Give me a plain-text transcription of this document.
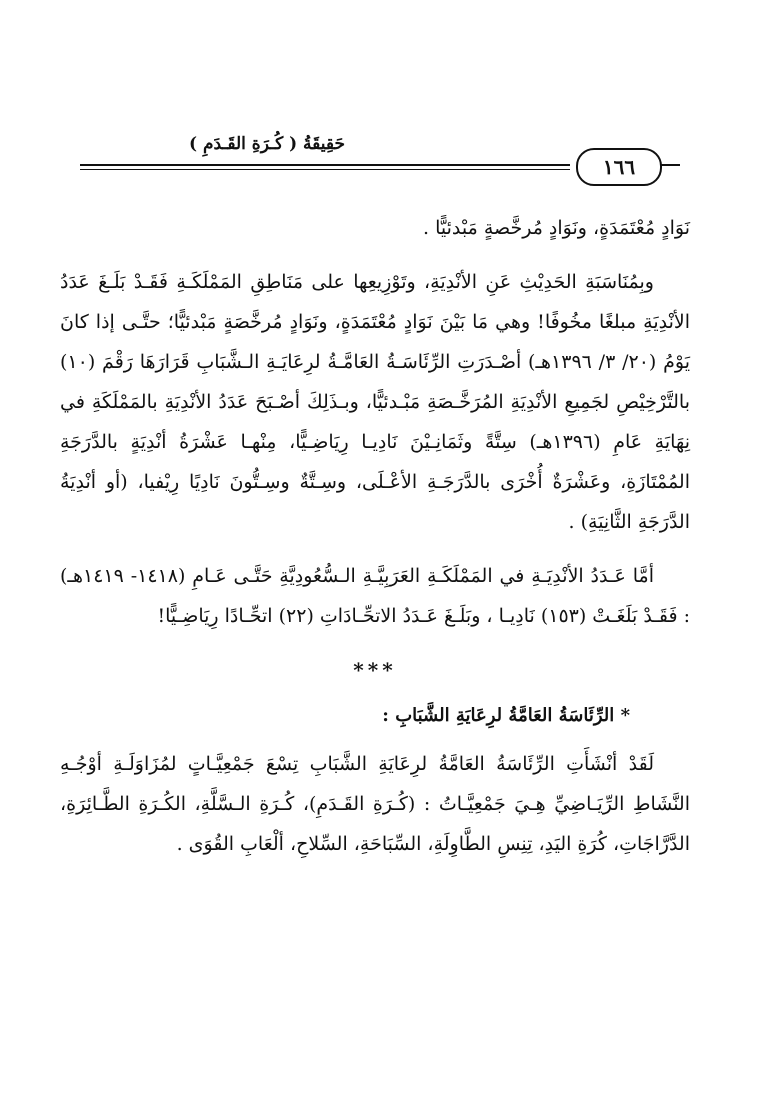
حَقِيقَةُ ( كُـرَةِ القَـدَمِ )
١٦٦

نَوَادٍ مُعْتَمَدَةٍ، ونَوَادٍ مُرخَّصةٍ مَبْدئيًّا .

وبِمُنَاسَبَةِ الحَدِيْثِ عَنِ الأنْدِيَةِ، وتَوْزِيعِها على مَنَاطِقِ المَمْلَكَـةِ فَقَـدْ بَلَـغَ عَدَدُ الأنْدِيَةِ مبلغًا مخُوفًا! وهي مَا بَيْنَ نَوَادٍ مُعْتَمَدَةٍ، ونَوَادٍ مُرخَّصَةٍ مَبْدئيًّا؛ حتَّـى إذا كانَ يَوْمُ (٢٠/ ٣/ ١٣٩٦هـ) أصْـدَرَتِ الرِّئَاسَـةُ العَامَّـةُ لرِعَايَـةِ الـشَّبَابِ قَرَارَهَا رَقْمَ (١٠) بالتَّرْخِيْصِ لجَمِيعِ الأنْدِيَةِ المُرَخَّـصَةِ مَبْـدئيًّا، وبـذَلِكَ أصْـبَحَ عَدَدُ الأنْدِيَةِ بالمَمْلَكَةِ في نِهَايَةِ عَامِ (١٣٩٦هـ) سِتَّةً وثَمَانِـيْنَ نَادِيـا رِيَاضِـيًّا، مِنْهـا عَشْرَةُ أنْدِيَةٍ بالدَّرَجَةِ المُمْتَازَةِ، وعَشْرَةٌ أُخْرَى بالدَّرَجَـةِ الأعْـلَى، وسِـتَّةٌ وسِـتُّونَ نَادِيًا رِيْفيا، (أو أنْدِيَةُ الدَّرَجَةِ الثَّانِيَةِ) .

أمَّا عَـدَدُ الأنْدِيَـةِ في المَمْلَكَـةِ العَرَبِيَّـةِ الـسُّعُودِيَّةِ حَتَّـى عَـامِ (١٤١٨- ١٤١٩هـ) : فَقَـدْ بَلَغَـتْ (١٥٣) نَادِيـا ، وبَلَـغَ عَـدَدُ الاتحِّـادَاتِ (٢٢) اتحِّـادًا رِيَاضِـيًّا!

***

* الرِّئَاسَةُ العَامَّةُ لرِعَايَةِ الشَّبَابِ :

لَقَدْ أنْشَأَتِ الرِّئَاسَةُ العَامَّةُ لرِعَايَةِ الشَّبَابِ تِسْعَ جَمْعِيَّـاتٍ لمُزَاوَلَـةِ أوْجُـهِ النَّشَاطِ الرِّيَـاضِيِّ هِـيَ جَمْعِيَّـاتُ : (كُـرَةِ القَـدَمِ)، كُـرَةِ الـسَّلَّةِ، الكُـرَةِ الطَّـائِرَةِ، الدَّرَّاجَاتِ، كُرَةِ اليَدِ، تِنِسِ الطَّاوِلَةِ، السِّبَاحَةِ، السِّلاحِ، ألْعَابِ القُوَى .
